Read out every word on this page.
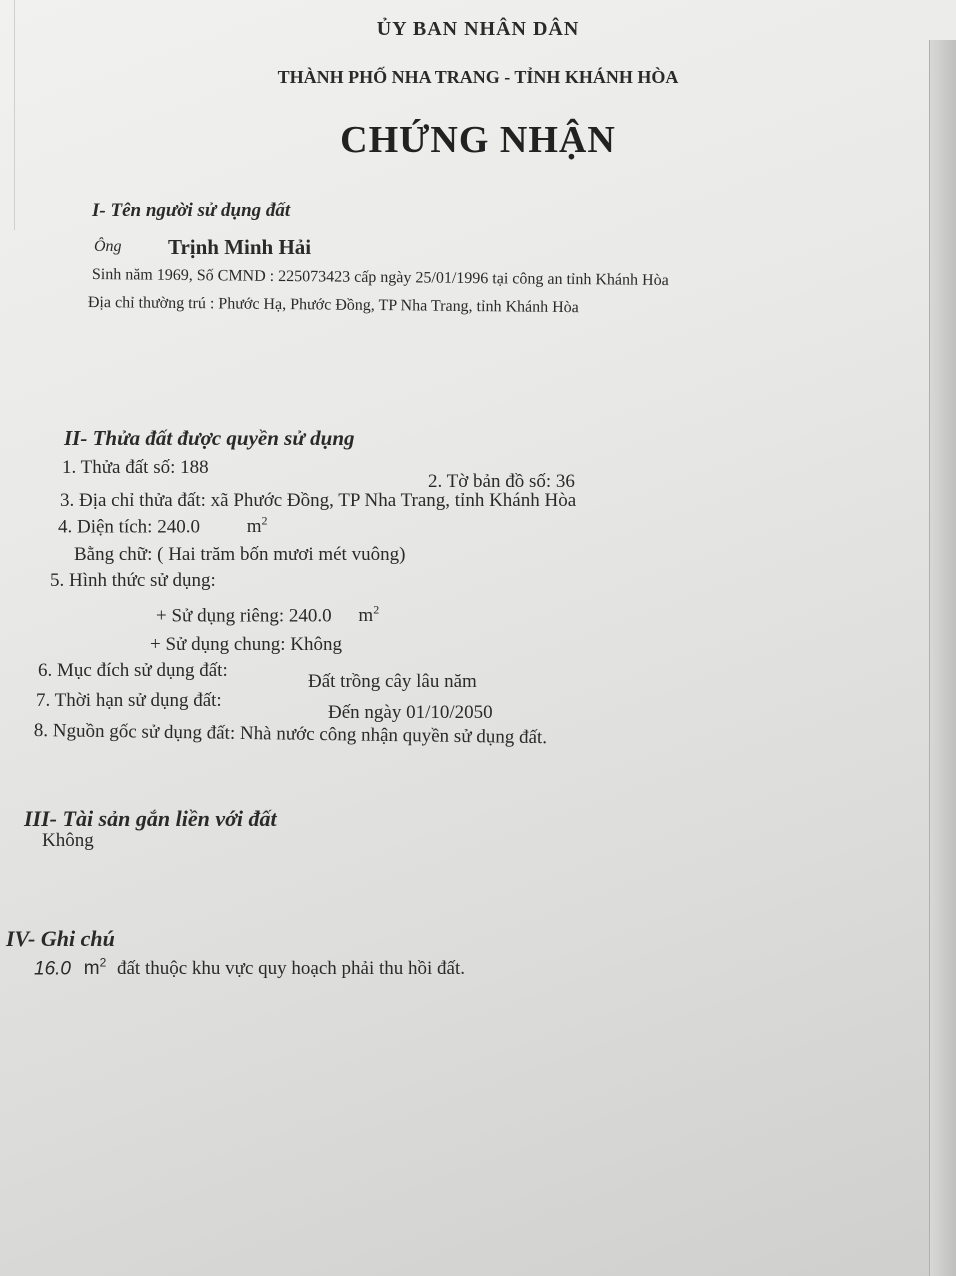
ỦY BAN NHÂN DÂN
THÀNH PHỐ NHA TRANG - TỈNH KHÁNH HÒA
CHỨNG NHẬN
I- Tên người sử dụng đất
Ông Trịnh Minh Hải
Sinh năm 1969, Số CMND : 225073423 cấp ngày 25/01/1996 tại công an tỉnh Khánh Hòa
Địa chỉ thường trú : Phước Hạ, Phước Đồng, TP Nha Trang, tỉnh Khánh Hòa
II- Thửa đất được quyền sử dụng
1. Thửa đất số: 188
2. Tờ bản đồ số: 36
3. Địa chỉ thửa đất: xã Phước Đồng, TP Nha Trang, tỉnh Khánh Hòa
4. Diện tích: 240.0 $m^2$
Bằng chữ: ( Hai trăm bốn mươi mét vuông)
5. Hình thức sử dụng:
+ Sử dụng riêng: 240.0 $m^2$
+ Sử dụng chung: Không
6. Mục đích sử dụng đất:
Đất trồng cây lâu năm
7. Thời hạn sử dụng đất:
Đến ngày 01/10/2050
8. Nguồn gốc sử dụng đất: Nhà nước công nhận quyền sử dụng đất.
III- Tài sản gắn liền với đất
Không
IV- Ghi chú
16.0 $m^2$ đất thuộc khu vực quy hoạch phải thu hồi đất.
